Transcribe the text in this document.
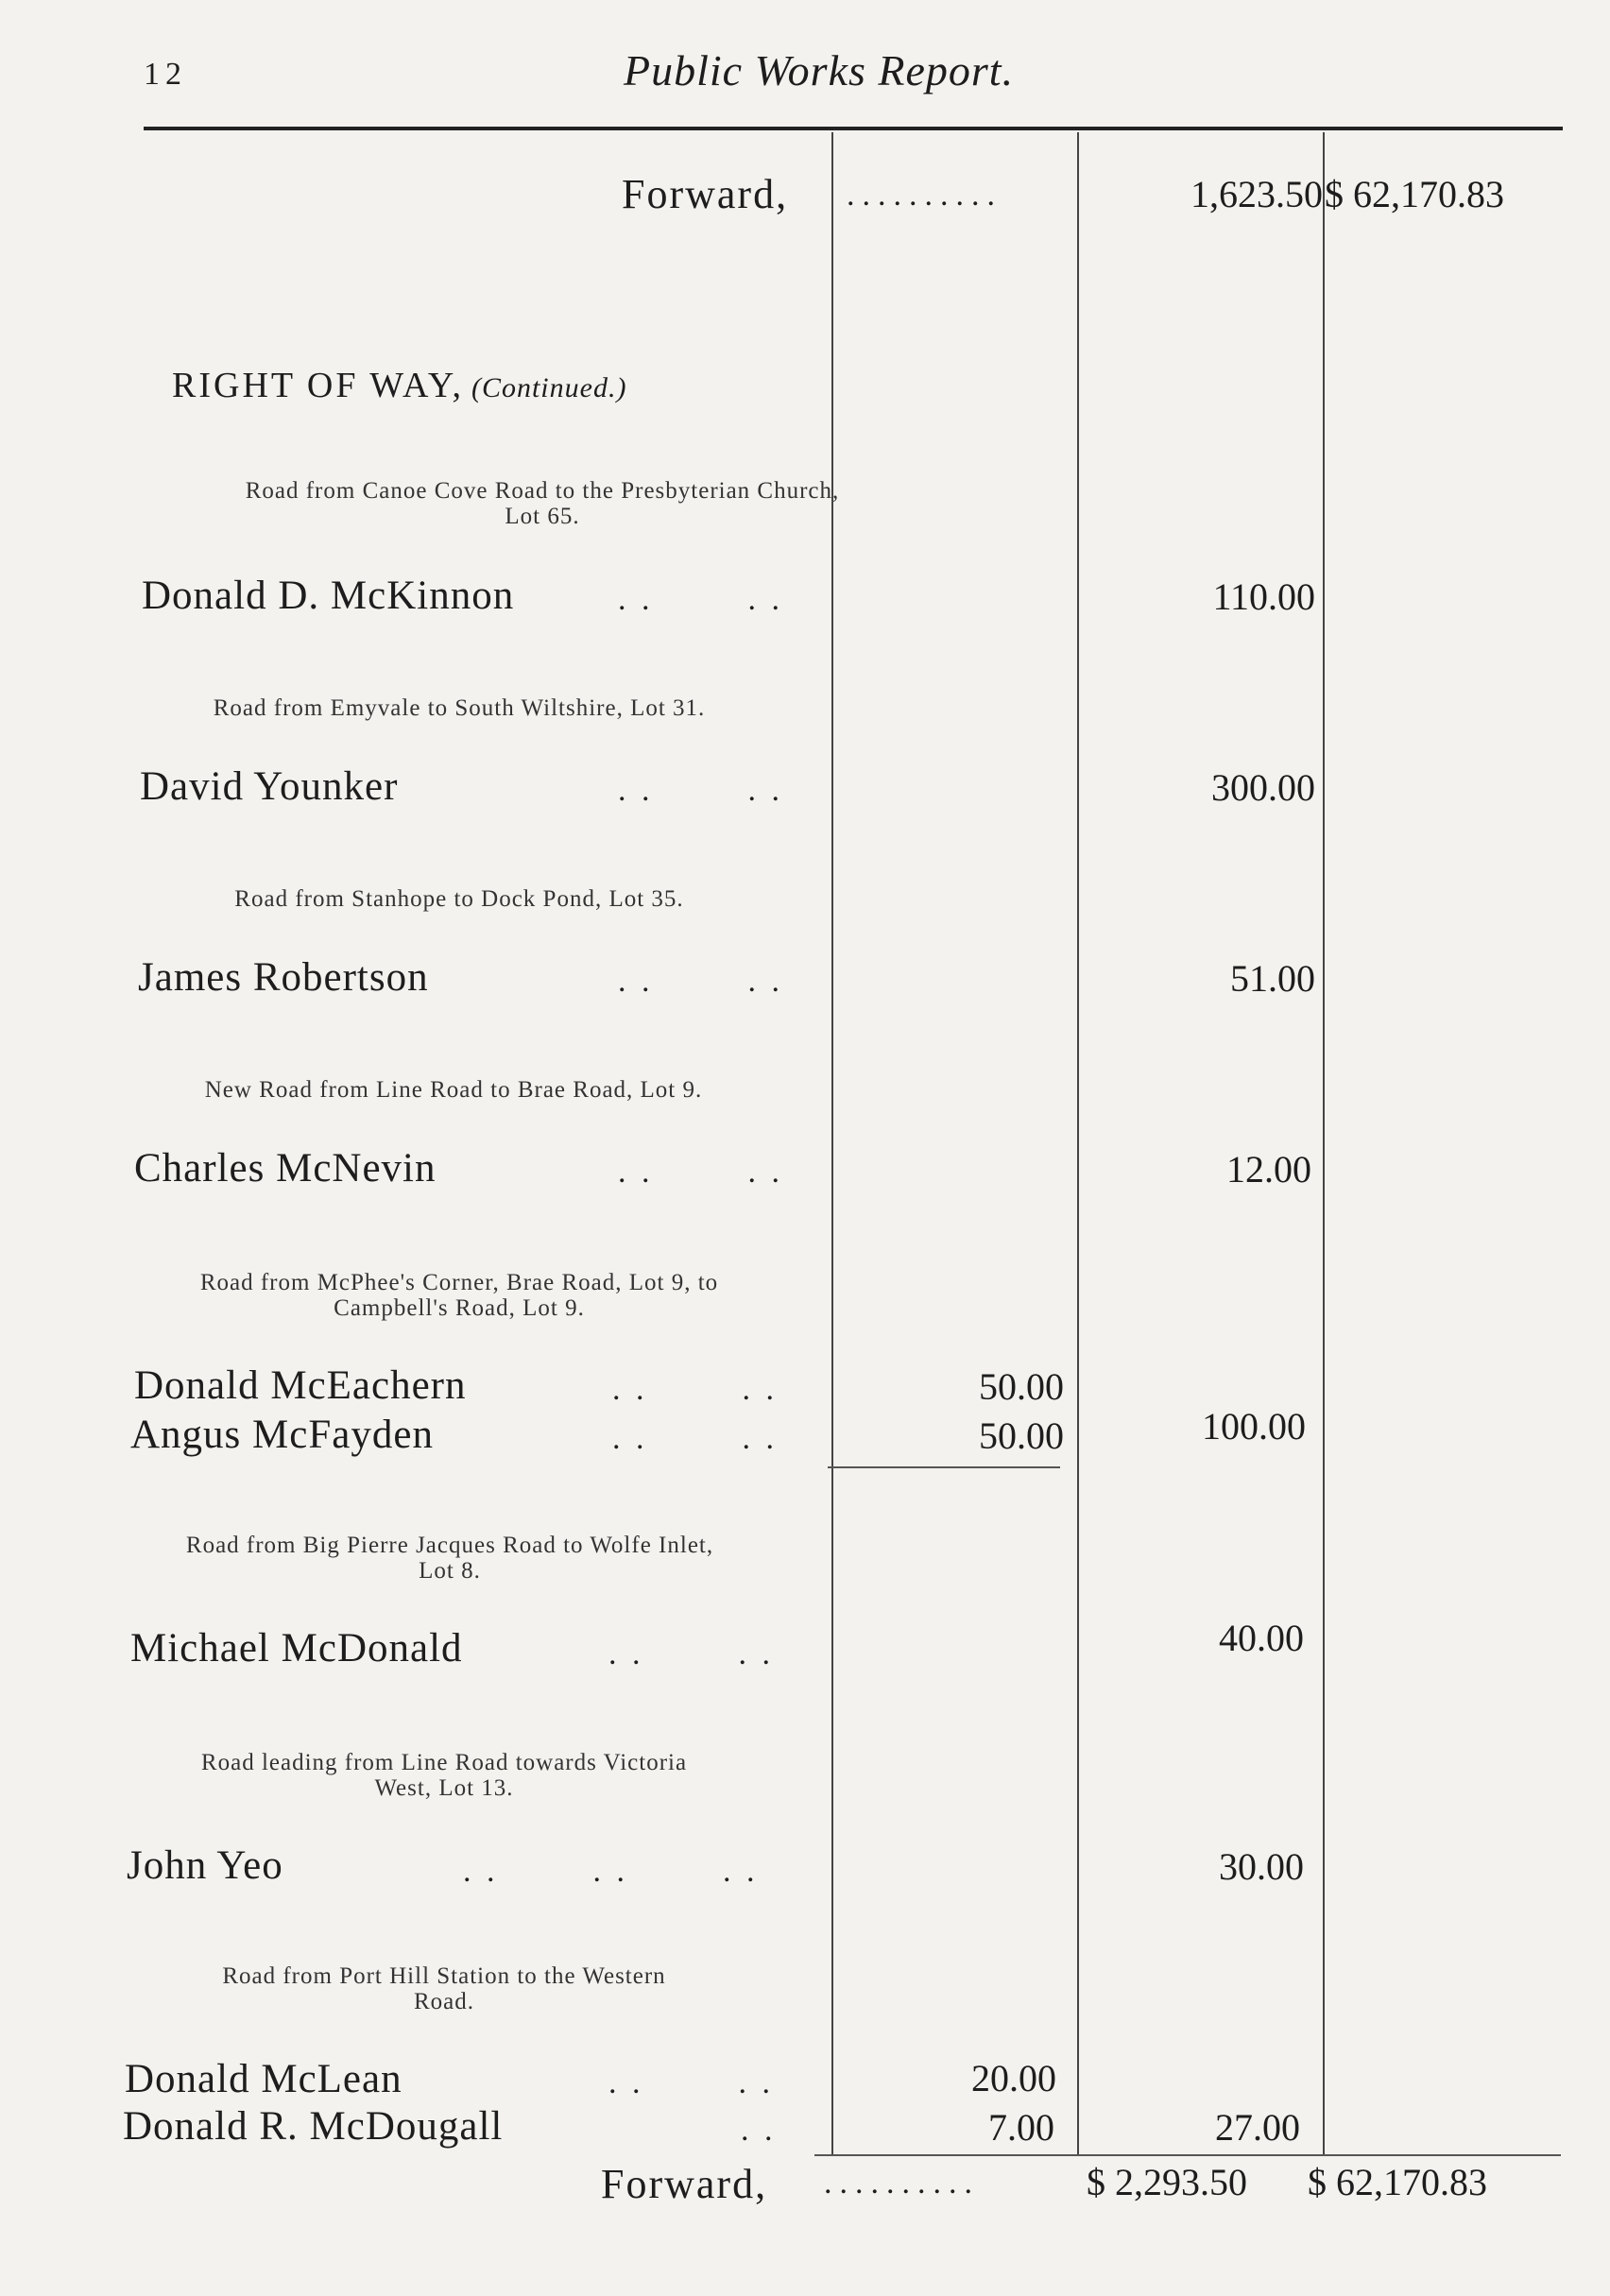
12	Public Works Report.
Forward, ..........	1,623.50 $ 62,170.83
RIGHT OF WAY, (Continued.)
Road from Canoe Cove Road to the Presbyterian Church, Lot 65.
Donald D. McKinnon	. .        . .	110.00
Road from Emyvale to South Wiltshire, Lot 31.
David Younker	. .        . .	300.00
Road from Stanhope to Dock Pond, Lot 35.
James Robertson	. .        . .	51.00
New Road from Line Road to Brae Road, Lot 9.
Charles McNevin	. .        . .	12.00
Road from McPhee's Corner, Brae Road, Lot 9, to Campbell's Road, Lot 9.
Donald McEachern	. .        . .	50.00
Angus McFayden	. .        . .	50.00	100.00
Road from Big Pierre Jacques Road to Wolfe Inlet, Lot 8.
Michael McDonald	. .        . .	40.00
Road leading from Line Road towards Victoria West, Lot 13.
John Yeo	. .        . .        . .	30.00
Road from Port Hill Station to the Western Road.
Donald McLean	. .        . .	20.00
Donald R. McDougall	. .	7.00	27.00
Forward, ..........	$ 2,293.50 $ 62,170.83
